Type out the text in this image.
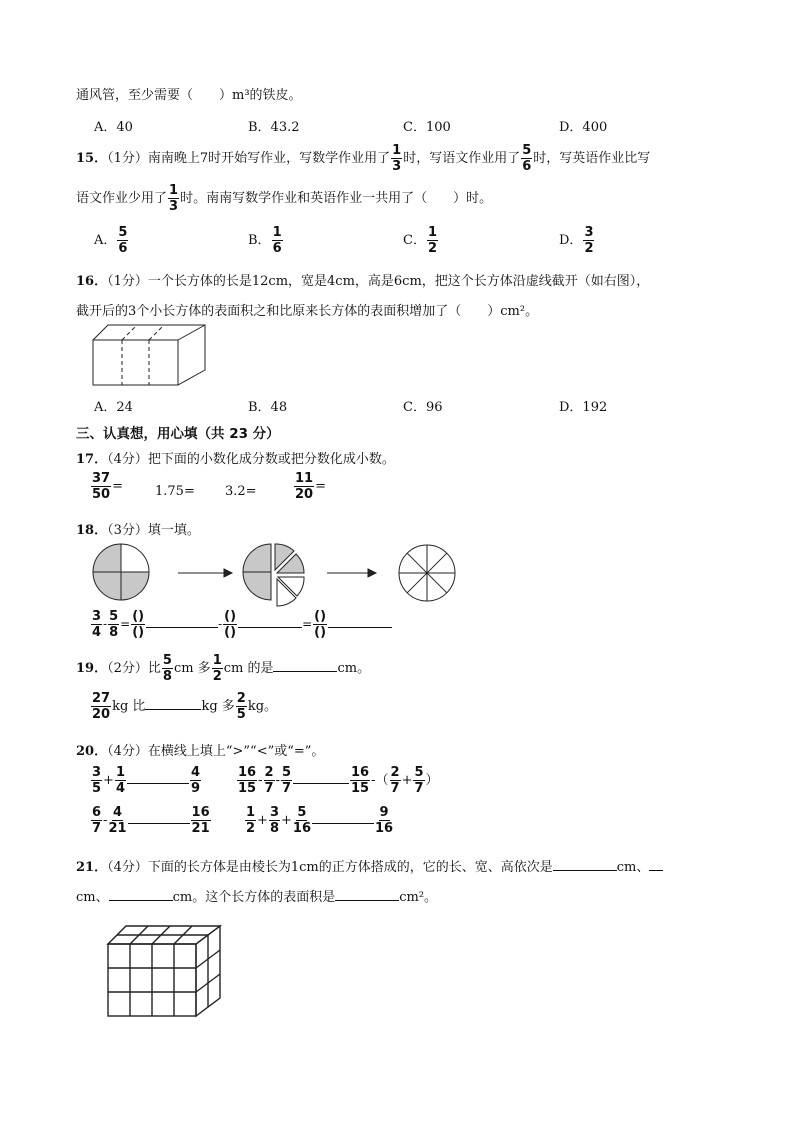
通风管，至少需要（　　）m³的铁皮。
A．40	B．43.2	C．100	D．400
15．（1分）南南晚上7时开始写作业，写数学作业用了 $\frac{1}{3}$ 时，写语文作业用了 $\frac{5}{6}$ 时，写英语作业比写
语文作业少用了 $\frac{1}{3}$ 时。南南写数学作业和英语作业一共用了（　　）时。
A． $\frac{5}{6}$	B． $\frac{1}{6}$	C． $\frac{1}{2}$	D． $\frac{3}{2}$
16．（1分）一个长方体的长是12cm，宽是4cm，高是6cm，把这个长方体沿虚线截开（如右图），
截开后的3个小长方体的表面积之和比原来长方体的表面积增加了（　　）cm²。
A．24	B．48	C．96	D．192
三、认真想，用心填（共 23 分）
17．（4分）把下面的小数化成分数或把分数化成小数。
$\frac{37}{50} = 1.75= 3.2=$	$\frac{11}{20}$ =
18．（3分）填一填。
$\frac{3}{4} - \frac{5}{8} = \frac{()}{()}$	- $\frac{()}{()}$	= $\frac{()}{()}$
19．（2分）比 $\frac{5}{8}$ cm 多 $\frac{1}{2}$ cm 的是	cm。
$\frac{27}{20}$ kg 比	kg 多 $\frac{2}{5}$ kg。
20．（4分）在横线上填上“>”“<”或“=”。
$\frac{3}{5} + \frac{1}{4}$	$\frac{4}{9}$	$\frac{16}{15} - \frac{2}{7} - \frac{5}{7}$	$\frac{16}{15}$ -（ $\frac{2}{7} + \frac{5}{7}$ ）
$\frac{6}{7} - \frac{4}{21}$	$\frac{16}{21}$	$\frac{1}{2} + \frac{3}{8} + \frac{5}{16}$	$\frac{9}{16}$
21．（4分）下面的长方体是由棱长为1cm的正方体搭成的，它的长、宽、高依次是	cm、
cm、	cm。这个长方体的表面积是	cm²。
